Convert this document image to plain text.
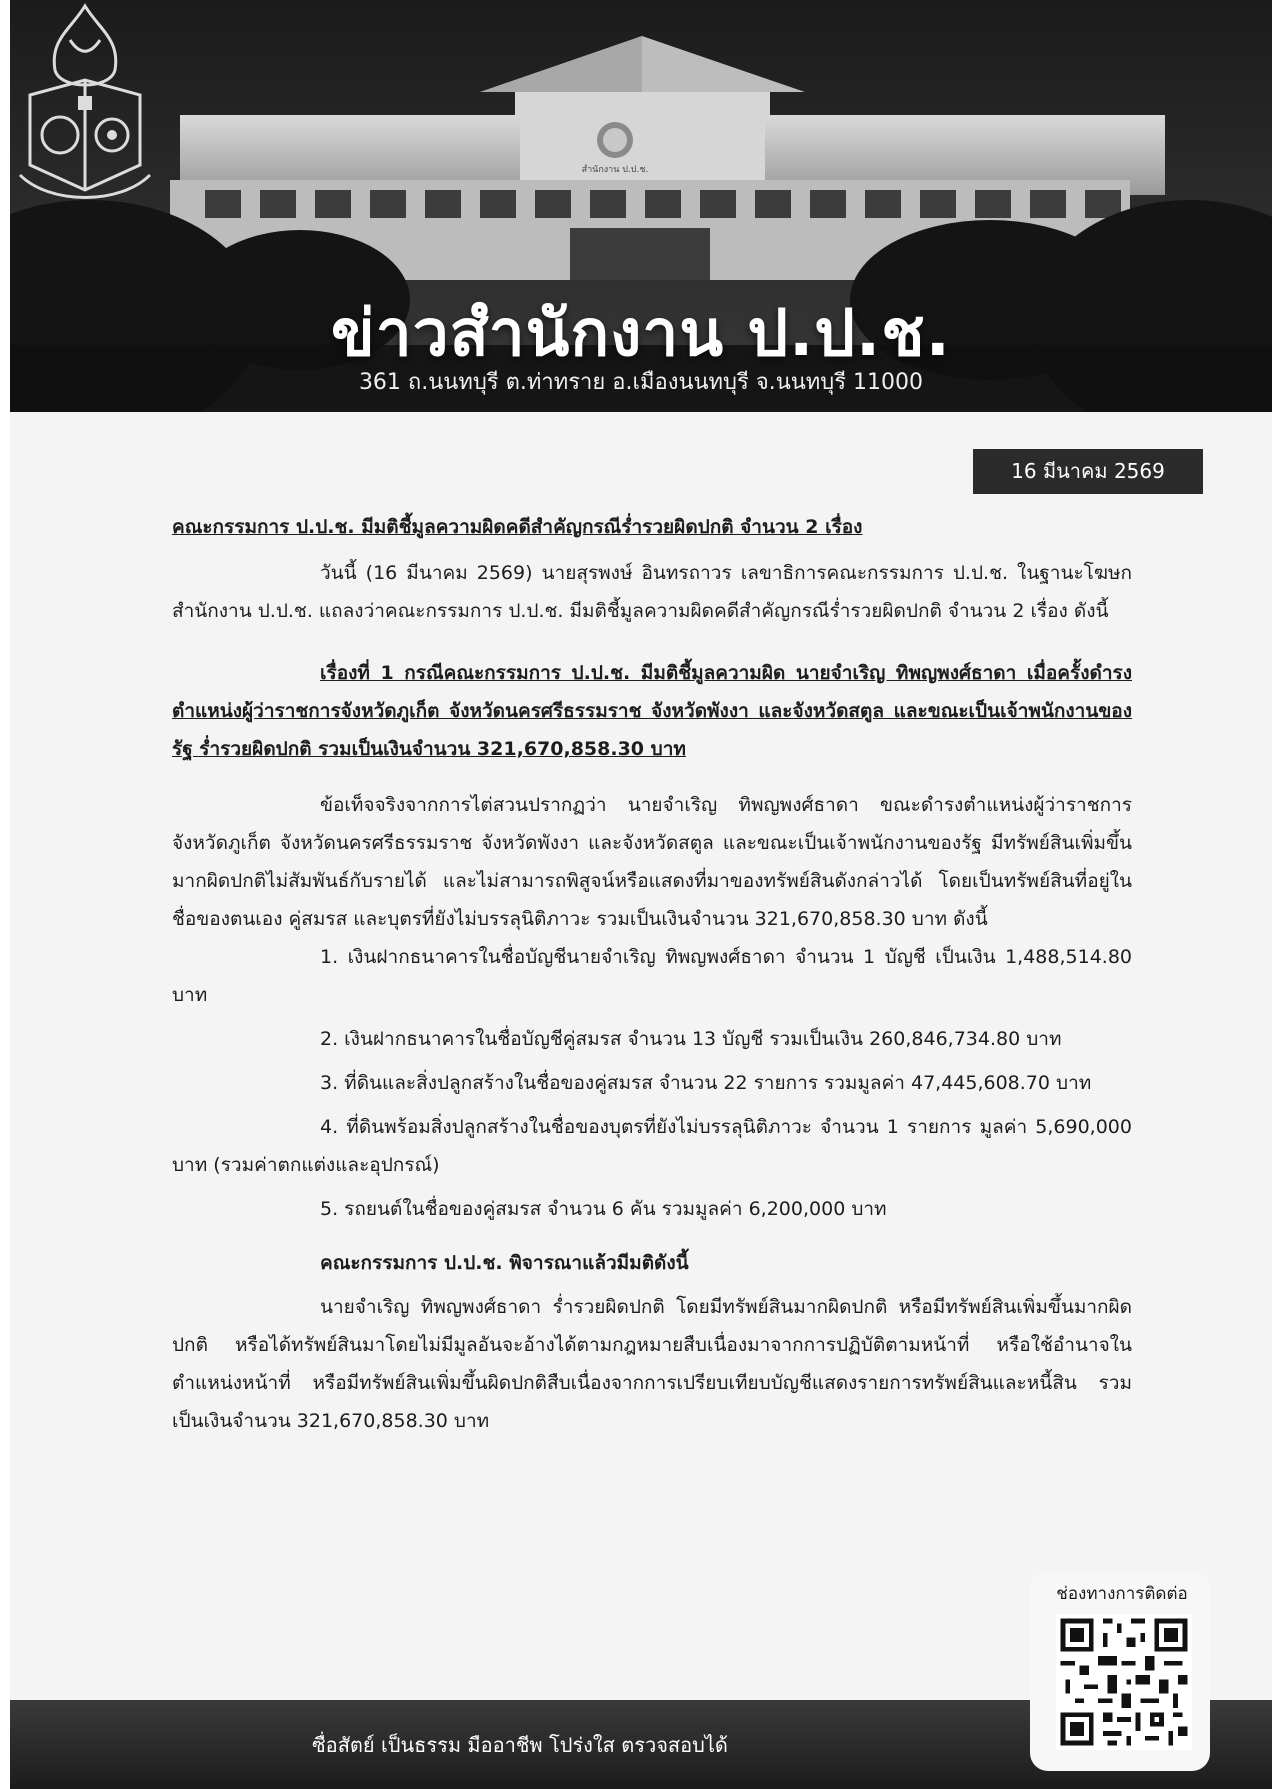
สำนักงาน ป.ป.ช.
ข่าวสำนักงาน ป.ป.ช.
361 ถ.นนทบุรี ต.ท่าทราย อ.เมืองนนทบุรี จ.นนทบุรี 11000
16 มีนาคม 2569

คณะกรรมการ ป.ป.ช. มีมติชี้มูลความผิดคดีสำคัญกรณีร่ำรวยผิดปกติ จำนวน 2 เรื่อง

วันนี้ (16 มีนาคม 2569) นายสุรพงษ์ อินทรถาวร เลขาธิการคณะกรรมการ ป.ป.ช. ในฐานะโฆษกสำนักงาน ป.ป.ช. แถลงว่าคณะกรรมการ ป.ป.ช. มีมติชี้มูลความผิดคดีสำคัญกรณีร่ำรวยผิดปกติ จำนวน 2 เรื่อง ดังนี้

เรื่องที่ 1 กรณีคณะกรรมการ ป.ป.ช. มีมติชี้มูลความผิด นายจำเริญ ทิพญพงศ์ธาดา เมื่อครั้งดำรงตำแหน่งผู้ว่าราชการจังหวัดภูเก็ต จังหวัดนครศรีธรรมราช จังหวัดพังงา และจังหวัดสตูล และขณะเป็นเจ้าพนักงานของรัฐ ร่ำรวยผิดปกติ รวมเป็นเงินจำนวน 321,670,858.30 บาท

ข้อเท็จจริงจากการไต่สวนปรากฏว่า นายจำเริญ ทิพญพงศ์ธาดา ขณะดำรงตำแหน่งผู้ว่าราชการจังหวัดภูเก็ต จังหวัดนครศรีธรรมราช จังหวัดพังงา และจังหวัดสตูล และขณะเป็นเจ้าพนักงานของรัฐ มีทรัพย์สินเพิ่มขึ้นมากผิดปกติไม่สัมพันธ์กับรายได้ และไม่สามารถพิสูจน์หรือแสดงที่มาของทรัพย์สินดังกล่าวได้ โดยเป็นทรัพย์สินที่อยู่ในชื่อของตนเอง คู่สมรส และบุตรที่ยังไม่บรรลุนิติภาวะ รวมเป็นเงินจำนวน 321,670,858.30 บาท ดังนี้

1. เงินฝากธนาคารในชื่อบัญชีนายจำเริญ ทิพญพงศ์ธาดา จำนวน 1 บัญชี เป็นเงิน 1,488,514.80 บาท
2. เงินฝากธนาคารในชื่อบัญชีคู่สมรส จำนวน 13 บัญชี รวมเป็นเงิน 260,846,734.80 บาท
3. ที่ดินและสิ่งปลูกสร้างในชื่อของคู่สมรส จำนวน 22 รายการ รวมมูลค่า 47,445,608.70 บาท
4. ที่ดินพร้อมสิ่งปลูกสร้างในชื่อของบุตรที่ยังไม่บรรลุนิติภาวะ จำนวน 1 รายการ มูลค่า 5,690,000 บาท (รวมค่าตกแต่งและอุปกรณ์)
5. รถยนต์ในชื่อของคู่สมรส จำนวน 6 คัน รวมมูลค่า 6,200,000 บาท

คณะกรรมการ ป.ป.ช. พิจารณาแล้วมีมติดังนี้

นายจำเริญ ทิพญพงศ์ธาดา ร่ำรวยผิดปกติ โดยมีทรัพย์สินมากผิดปกติ หรือมีทรัพย์สินเพิ่มขึ้นมากผิดปกติ หรือได้ทรัพย์สินมาโดยไม่มีมูลอันจะอ้างได้ตามกฎหมายสืบเนื่องมาจากการปฏิบัติตามหน้าที่ หรือใช้อำนาจในตำแหน่งหน้าที่ หรือมีทรัพย์สินเพิ่มขึ้นผิดปกติสืบเนื่องจากการเปรียบเทียบบัญชีแสดงรายการทรัพย์สินและหนี้สิน รวมเป็นเงินจำนวน 321,670,858.30 บาท

ซื่อสัตย์ เป็นธรรม มืออาชีพ โปร่งใส ตรวจสอบได้
ช่องทางการติดต่อ
